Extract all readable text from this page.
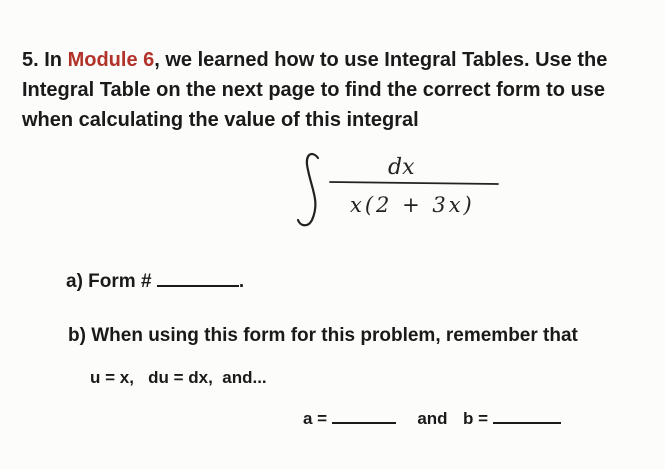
5. In Module 6, we learned how to use Integral Tables. Use the Integral Table on the next page to find the correct form to use when calculating the value of this integral
dx
x(2 + 3x)
a) Form #	.
b) When using this form for this problem, remember that
u = x,   du = dx,  and...
a =	and b =
